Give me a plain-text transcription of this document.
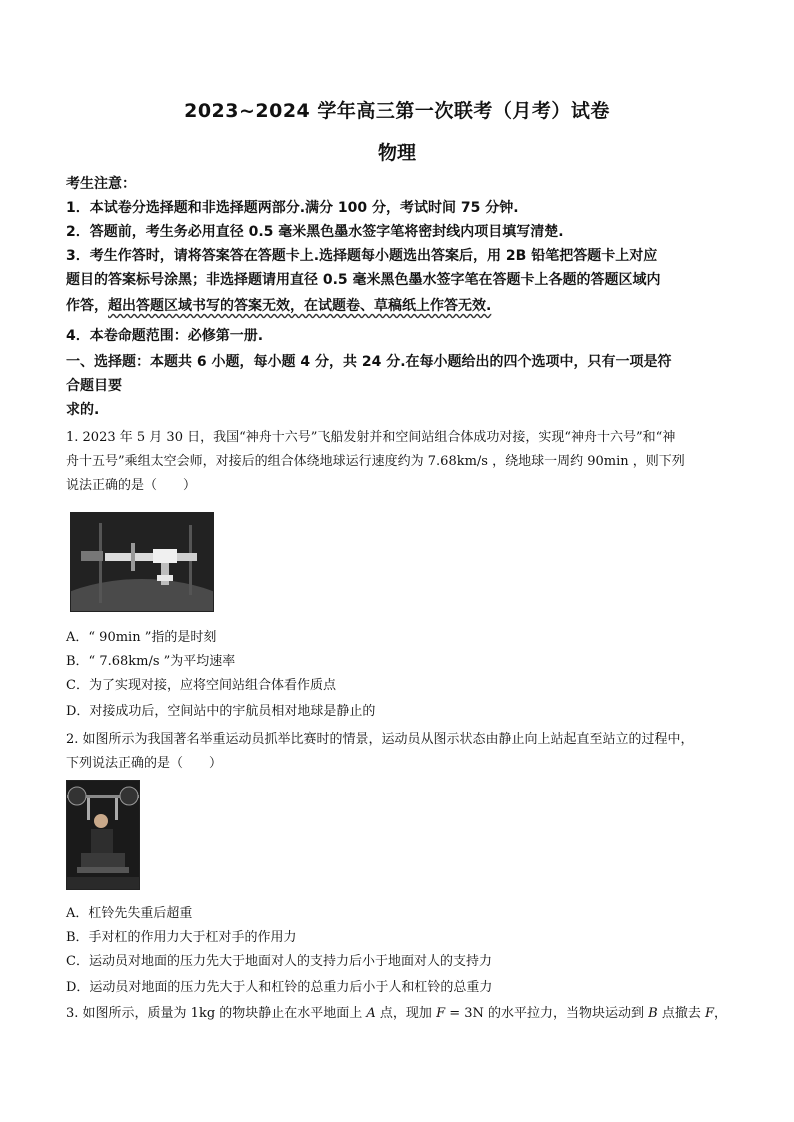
2023~2024 学年高三第一次联考（月考）试卷
物理
考生注意：
1．本试卷分选择题和非选择题两部分.满分 100 分，考试时间 75 分钟.
2．答题前，考生务必用直径 0.5 毫米黑色墨水签字笔将密封线内项目填写清楚.
3．考生作答时，请将答案答在答题卡上.选择题每小题选出答案后，用 2B 铅笔把答题卡上对应
题目的答案标号涂黑；非选择题请用直径 0.5 毫米黑色墨水签字笔在答题卡上各题的答题区域内
作答，超出答题区域书写的答案无效，在试题卷、草稿纸上作答无效.
4．本卷命题范围：必修第一册.
一、选择题：本题共 6 小题，每小题 4 分，共 24 分.在每小题给出的四个选项中，只有一项是符
合题目要
求的.
1. 2023 年 5 月 30 日，我国“神舟十六号”飞船发射并和空间站组合体成功对接，实现“神舟十六号”和“神
舟十五号”乘组太空会师，对接后的组合体绕地球运行速度约为 7.68km/s ，绕地球一周约 90min ，则下列
说法正确的是（　　）
A．“ 90min ”指的是时刻
B．“ 7.68km/s ”为平均速率
C．为了实现对接，应将空间站组合体看作质点
D．对接成功后，空间站中的宇航员相对地球是静止的
2. 如图所示为我国著名举重运动员抓举比赛时的情景，运动员从图示状态由静止向上站起直至站立的过程中，
下列说法正确的是（　　）
A．杠铃先失重后超重
B．手对杠的作用力大于杠对手的作用力
C．运动员对地面的压力先大于地面对人的支持力后小于地面对人的支持力
D．运动员对地面的压力先大于人和杠铃的总重力后小于人和杠铃的总重力
3. 如图所示，质量为 1kg 的物块静止在水平地面上 A 点，现加 F = 3N 的水平拉力，当物块运动到 B 点撤去 F，
